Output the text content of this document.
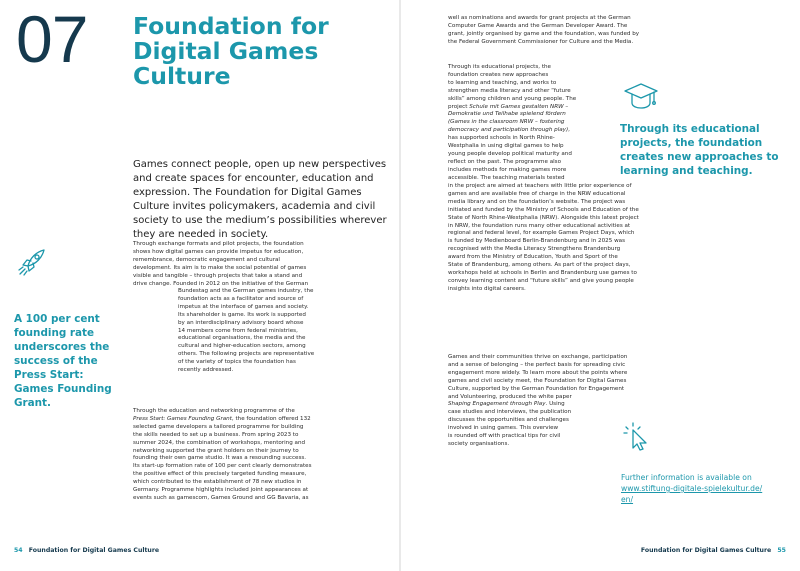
07 Foundation for Digital Games Culture
Games connect people, open up new perspectives and create spaces for encounter, education and expression. The Foundation for Digital Games Culture invites policymakers, academia and civil society to use the medium’s possibilities wherever they are needed in society.
Through exchange formats and pilot projects, the foundation
shows how digital games can provide impetus for education,
remembrance, democratic engagement and cultural
development. Its aim is to make the social potential of games
visible and tangible – through projects that take a stand and
drive change. Founded in 2012 on the initiative of the German
Bundestag and the German games industry, the
foundation acts as a facilitator and source of
impetus at the interface of games and society.
Its shareholder is game. Its work is supported
by an interdisciplinary advisory board whose
14 members come from federal ministries,
educational organisations, the media and the
cultural and higher-education sectors, among
others. The following projects are representative
of the variety of topics the foundation has
recently addressed.
A 100 per cent founding rate underscores the success of the Press Start: Games Founding Grant.
Through the education and networking programme of the
Press Start: Games Founding Grant, the foundation offered 132
selected game developers a tailored programme for building
the skills needed to set up a business. From spring 2023 to
summer 2024, the combination of workshops, mentoring and
networking supported the grant holders on their journey to
founding their own game studio. It was a resounding success.
Its start-up formation rate of 100 per cent clearly demonstrates
the positive effect of this precisely targeted funding measure,
which contributed to the establishment of 78 new studios in
Germany. Programme highlights included joint appearances at
events such as gamescom, Games Ground and GG Bavaria, as
54 Foundation for Digital Games Culture
well as nominations and awards for grant projects at the German
Computer Game Awards and the German Developer Award. The
grant, jointly organised by game and the foundation, was funded by
the Federal Government Commissioner for Culture and the Media.
Through its educational projects, the
foundation creates new approaches
to learning and teaching, and works to
strengthen media literacy and other “future
skills” among children and young people. The
project Schule mit Games gestalten NRW –
Demokratie und Teilhabe spielend fördern
(Games in the classroom NRW – fostering
democracy and participation through play),
has supported schools in North Rhine-
Westphalia in using digital games to help
young people develop political maturity and
reflect on the past. The programme also
includes methods for making games more
accessible. The teaching materials tested
in the project are aimed at teachers with little prior experience of
games and are available free of charge in the NRW educational
media library and on the foundation’s website. The project was
initiated and funded by the Ministry of Schools and Education of the
State of North Rhine-Westphalia (NRW). Alongside this latest project
in NRW, the foundation runs many other educational activities at
regional and federal level, for example Games Project Days, which
is funded by Medienboard Berlin-Brandenburg and in 2025 was
recognised with the Media Literacy Strengthens Brandenburg
award from the Ministry of Education, Youth and Sport of the
State of Brandenburg, among others. As part of the project days,
workshops held at schools in Berlin and Brandenburg use games to
convey learning content and “future skills” and give young people
insights into digital careers.
Through its educational projects, the foundation creates new approaches to learning and teaching.
Games and their communities thrive on exchange, participation
and a sense of belonging – the perfect basis for spreading civic
engagement more widely. To learn more about the points where
games and civil society meet, the Foundation for Digital Games
Culture, supported by the German Foundation for Engagement
and Volunteering, produced the white paper
Shaping Engagement through Play. Using
case studies and interviews, the publication
discusses the opportunities and challenges
involved in using games. This overview
is rounded off with practical tips for civil
society organisations.
Foundation for Digital Games Culture 55
Further information is available on
www.stiftung-digitale-spielekultur.de/
en/
